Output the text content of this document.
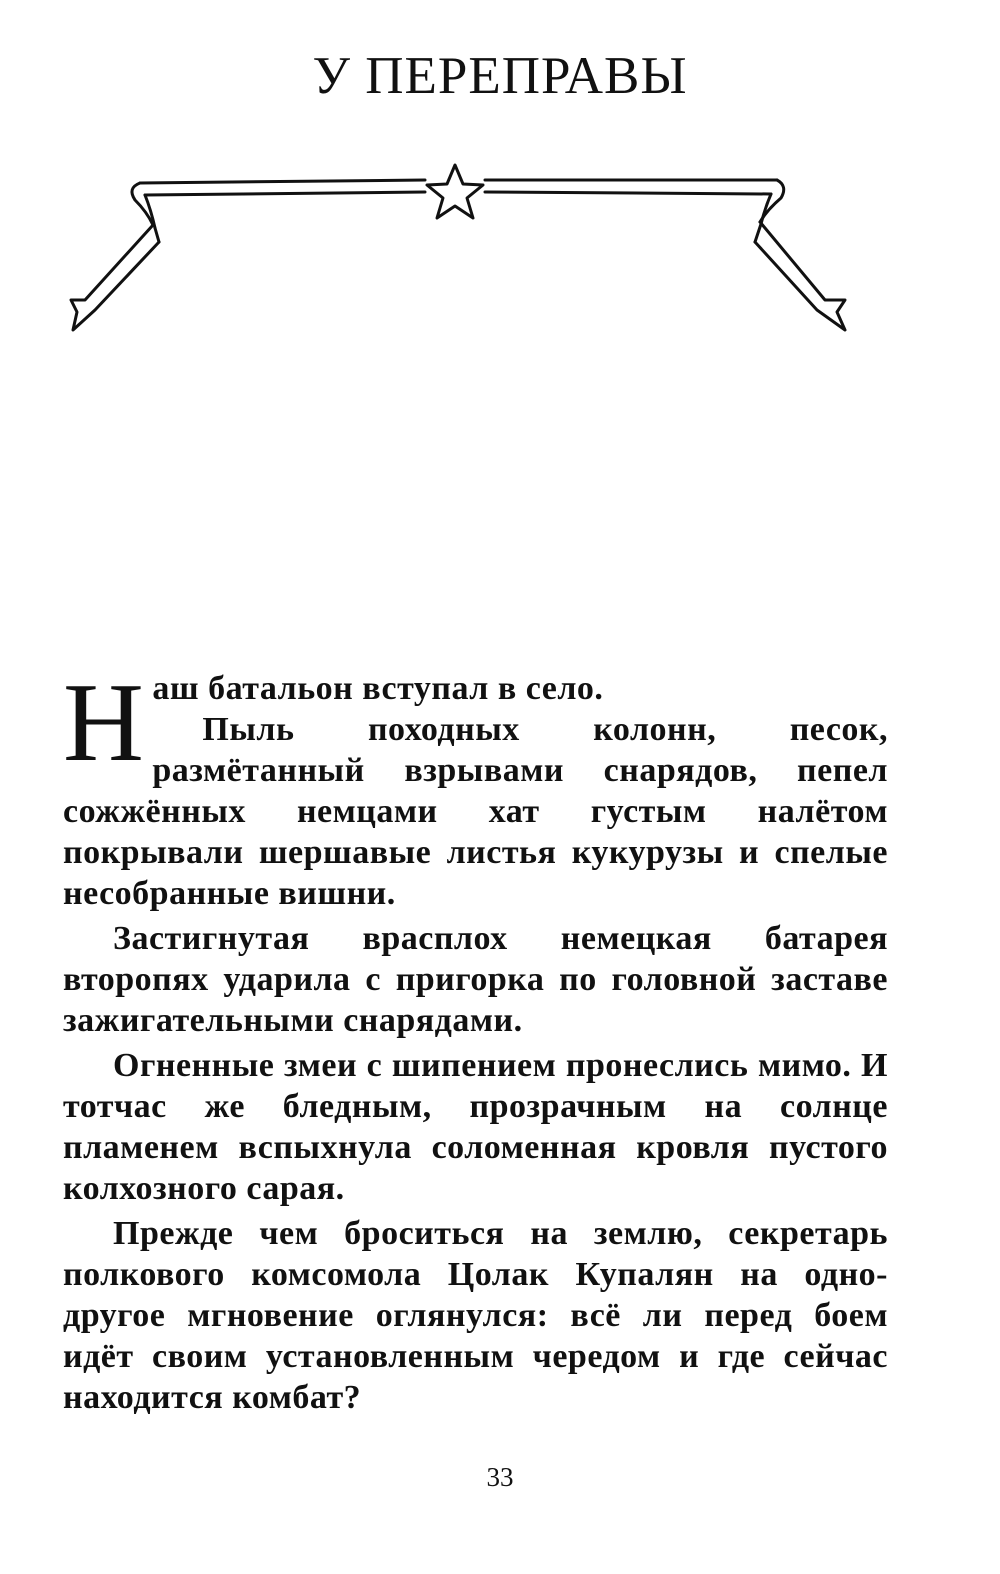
У ПЕРЕПРАВЫ

Н аш батальон вступал в село.

Пыль походных колонн, песок, размётанный взрывами снарядов, пепел сожжённых немцами хат густым налётом покрывали шершавые листья кукурузы и спелые несобранные вишни.

Застигнутая врасплох немецкая батарея второпях ударила с пригорка по головной заставе зажигательными снарядами.

Огненные змеи с шипением пронеслись мимо. И тотчас же бледным, прозрачным на солнце пламенем вспыхнула соломенная кровля пустого колхозного сарая.

Прежде чем броситься на землю, секретарь полкового комсомола Цолак Купалян на одно-другое мгновение оглянулся: всё ли перед боем идёт своим установленным чередом и где сейчас находится комбат?

33
